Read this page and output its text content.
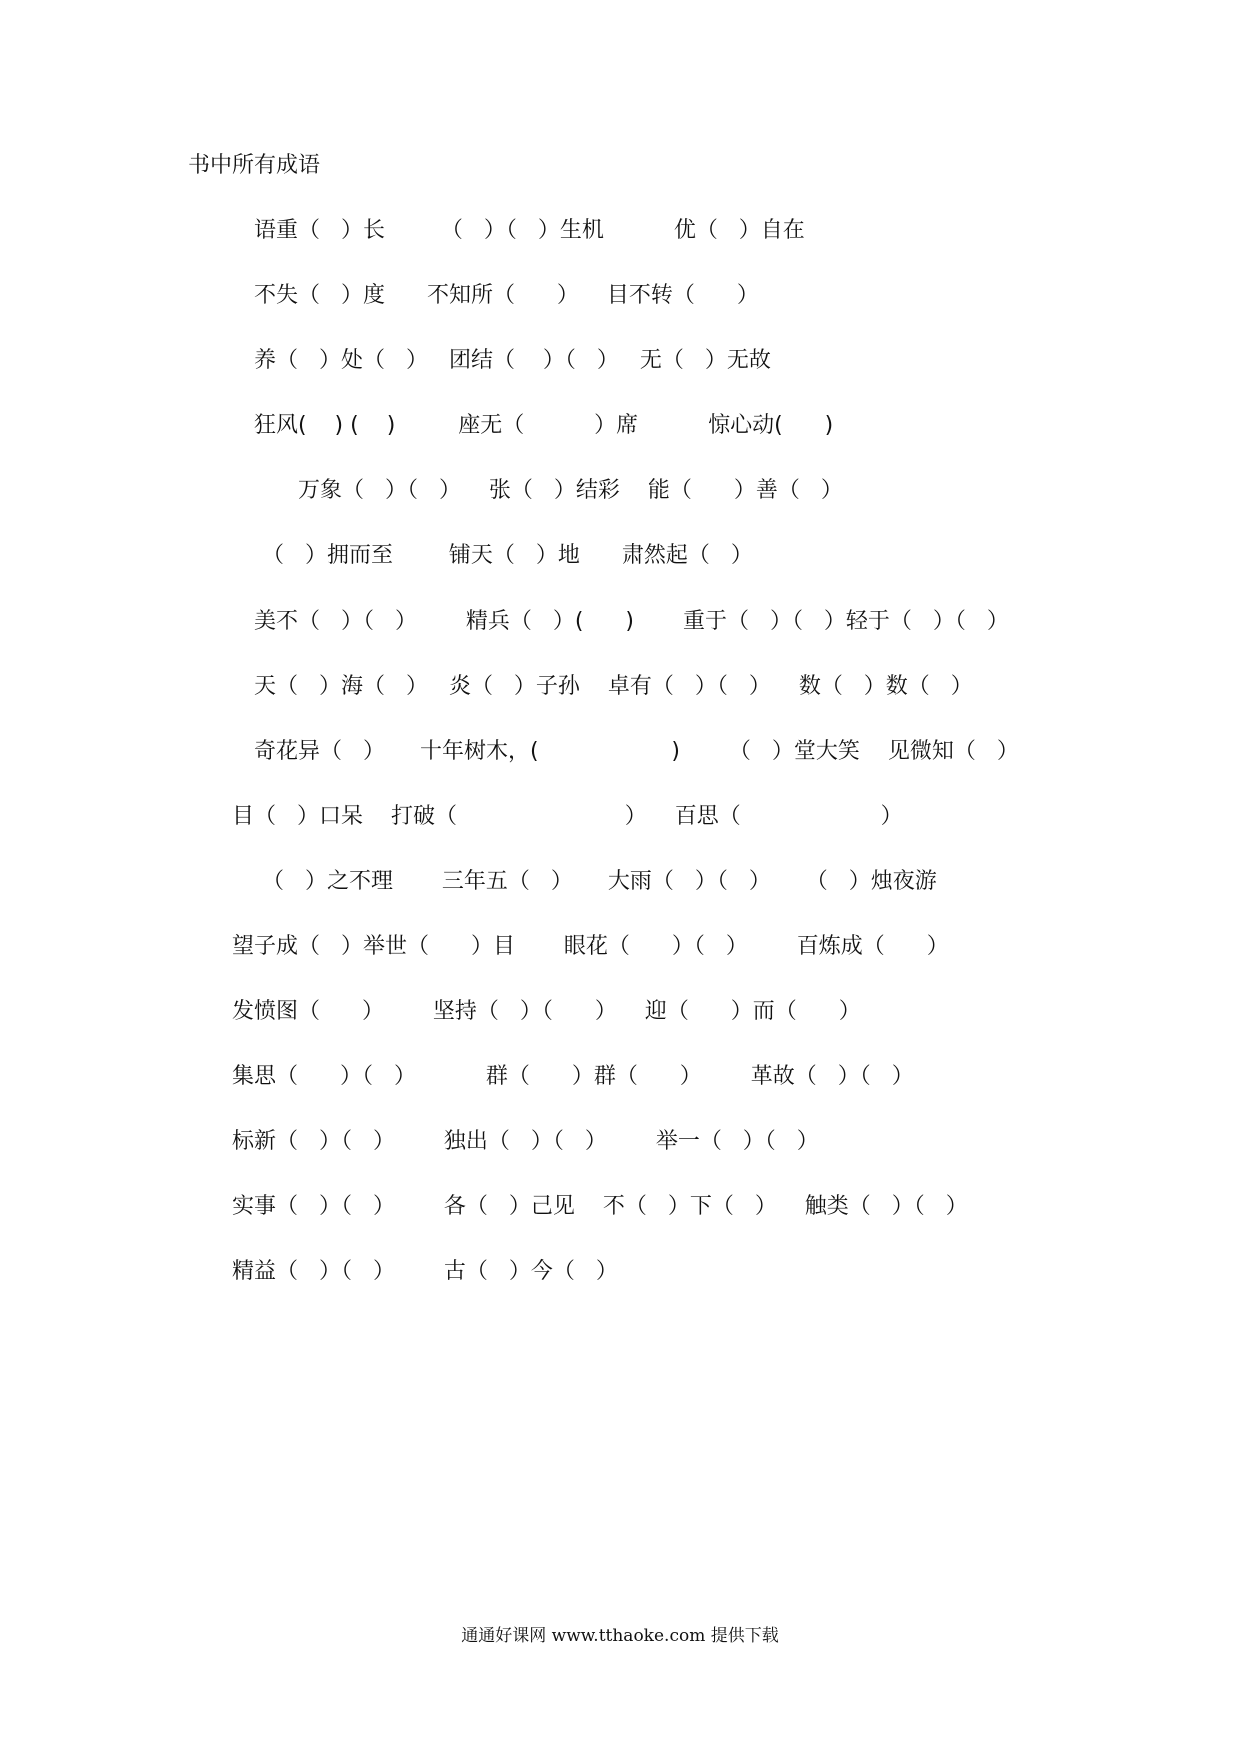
书中所有成语
语重（   ）长        （   ）（   ）生机          优（   ）自在
不失（   ）度      不知所（      ）    目不转（      ）
养（   ）处（   ）   团结（    ）（   ）   无（   ）无故
狂风(    ) (    )         座无（          ）席          惊心动(      )
万象（   ）（   ）    张（   ）结彩    能（      ）善（   ）
（   ）拥而至        铺天（   ）地      肃然起（   ）
美不（   ）（   ）       精兵（   ）(      )       重于（   ）（   ）轻于（   ）（   ）
天（   ）海（   ）   炎（   ）子孙    卓有（   ）（   ）    数（   ）数（   ）
奇花异（   ）     十年树木，(                   )       （   ）堂大笑    见微知（   ）
目（   ）口呆    打破（                        ）    百思（                    ）
（   ）之不理       三年五（   ）     大雨（   ）（   ）     （   ）烛夜游
望子成（   ）举世（      ）目       眼花（      ）（   ）       百炼成（      ）
发愤图（      ）       坚持（   ）（      ）    迎（      ）而（      ）
集思（      ）（   ）          群（      ）群（      ）       革故（   ）（   ）
标新（   ）（   ）       独出（   ）（   ）       举一（   ）（   ）
实事（   ）（   ）       各（   ）己见    不（   ）下（   ）    触类（   ）（   ）
精益（   ）（   ）       古（   ）今（   ）
通通好课网 www.tthaoke.com 提供下载
